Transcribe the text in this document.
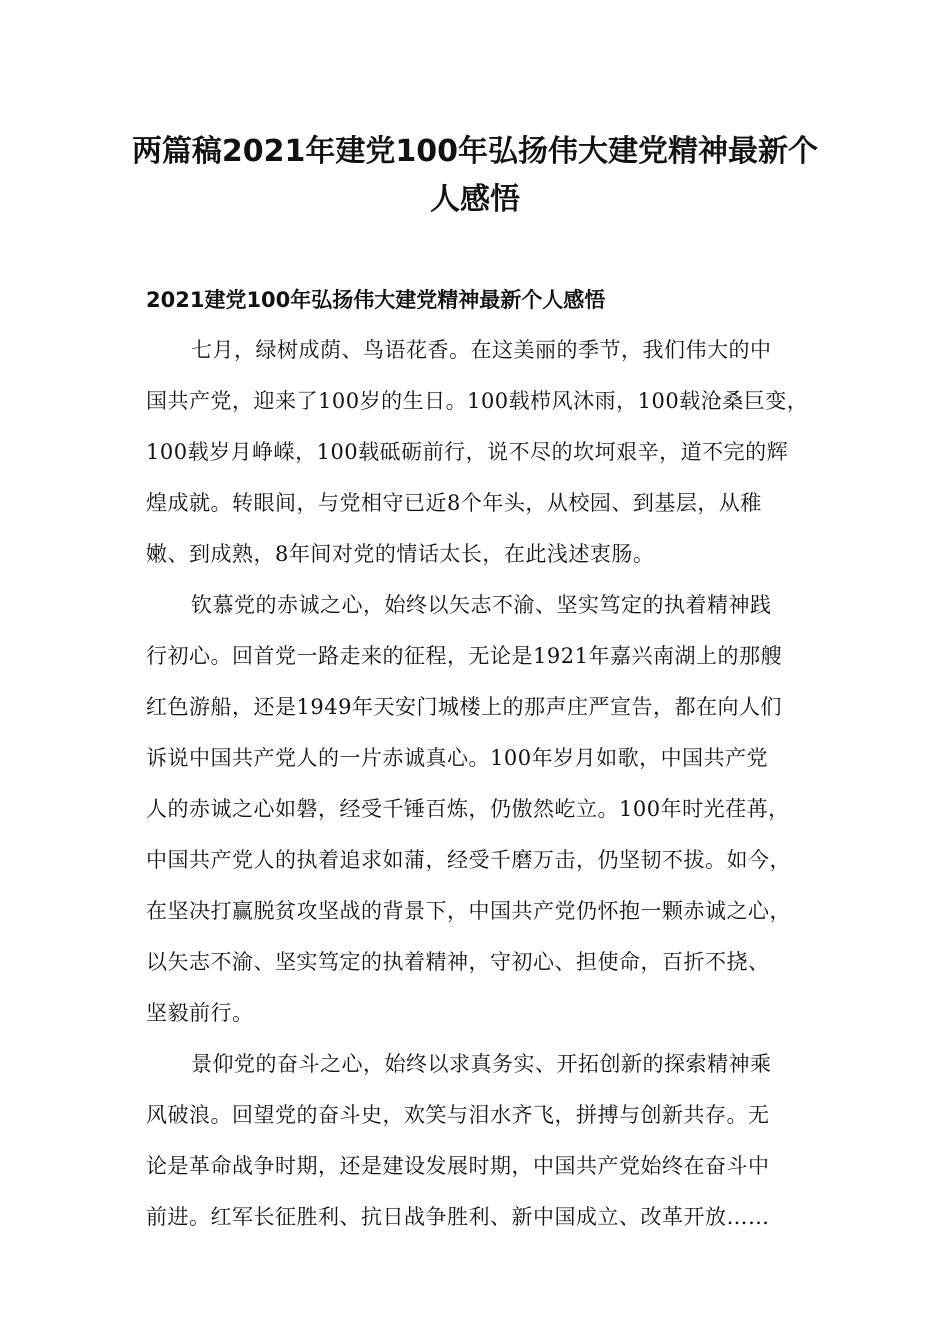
两篇稿2021年建党100年弘扬伟大建党精神最新个
人感悟
2021建党100年弘扬伟大建党精神最新个人感悟
七月，绿树成荫、鸟语花香。在这美丽的季节，我们伟大的中
国共产党，迎来了100岁的生日。100载栉风沐雨，100载沧桑巨变，
100载岁月峥嵘，100载砥砺前行，说不尽的坎坷艰辛，道不完的辉
煌成就。转眼间，与党相守已近8个年头，从校园、到基层，从稚
嫩、到成熟，8年间对党的情话太长，在此浅述衷肠。
钦慕党的赤诚之心，始终以矢志不渝、坚实笃定的执着精神践
行初心。回首党一路走来的征程，无论是1921年嘉兴南湖上的那艘
红色游船，还是1949年天安门城楼上的那声庄严宣告，都在向人们
诉说中国共产党人的一片赤诚真心。100年岁月如歌，中国共产党
人的赤诚之心如磐，经受千锤百炼，仍傲然屹立。100年时光荏苒，
中国共产党人的执着追求如蒲，经受千磨万击，仍坚韧不拔。如今，
在坚决打赢脱贫攻坚战的背景下，中国共产党仍怀抱一颗赤诚之心，
以矢志不渝、坚实笃定的执着精神，守初心、担使命，百折不挠、
坚毅前行。
景仰党的奋斗之心，始终以求真务实、开拓创新的探索精神乘
风破浪。回望党的奋斗史，欢笑与泪水齐飞，拼搏与创新共存。无
论是革命战争时期，还是建设发展时期，中国共产党始终在奋斗中
前进。红军长征胜利、抗日战争胜利、新中国成立、改革开放……
